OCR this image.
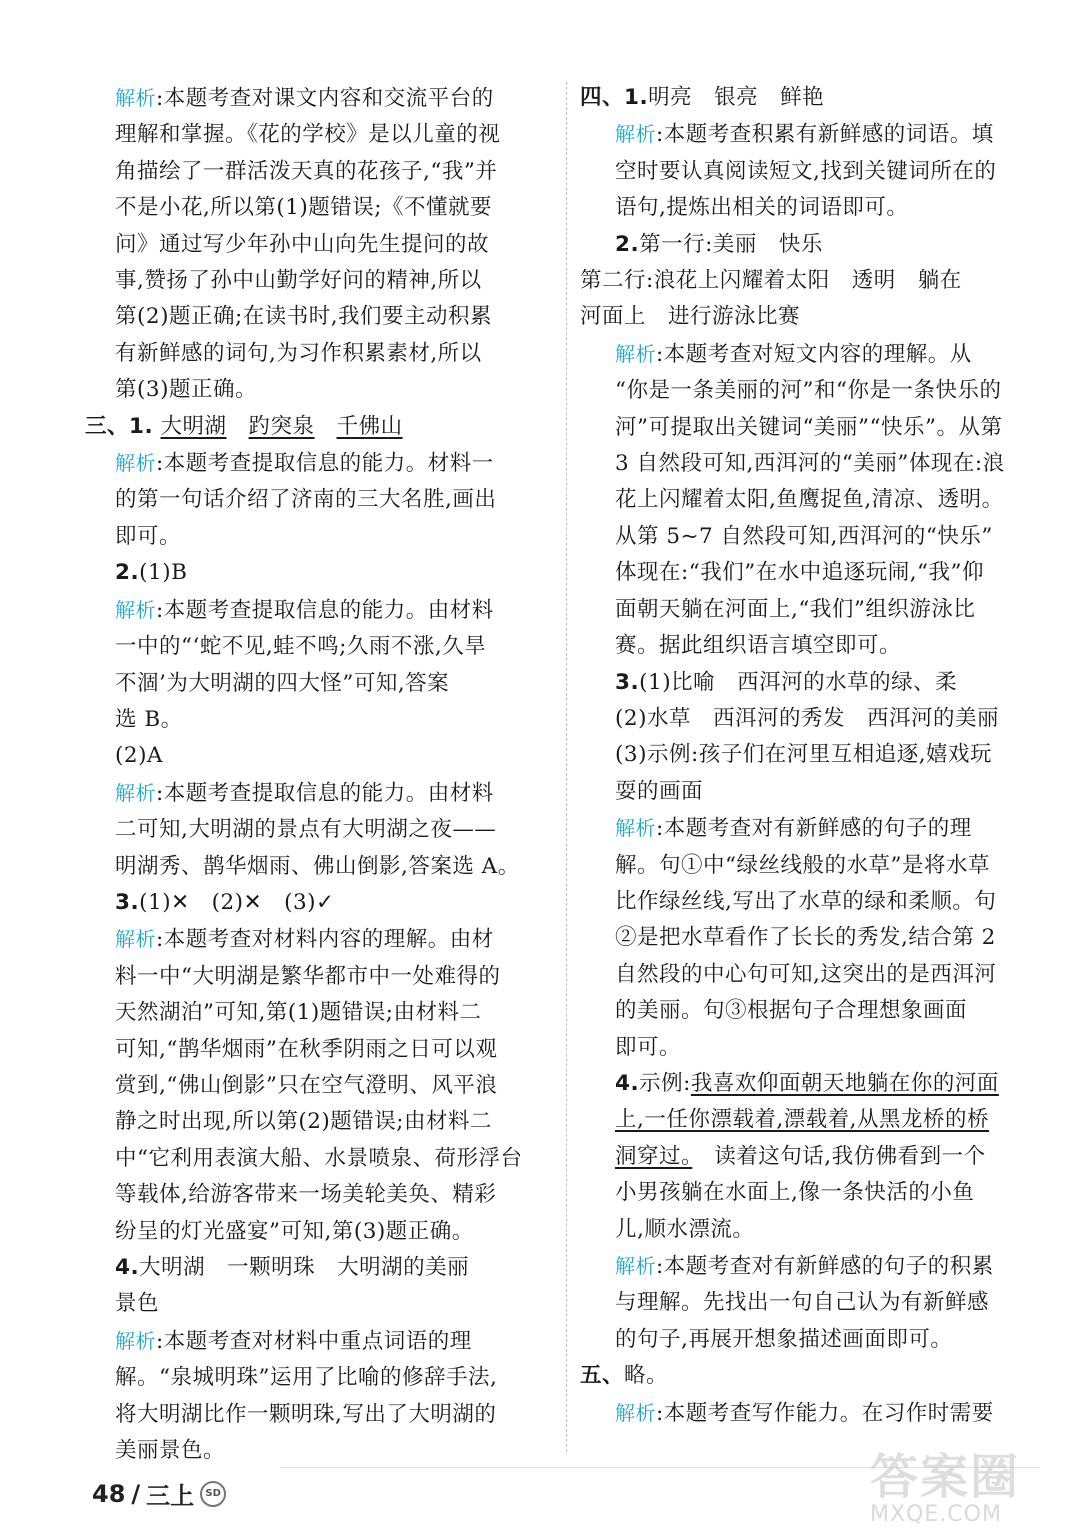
解析:本题考查对课文内容和交流平台的
理解和掌握。《花的学校》是以儿童的视
角描绘了一群活泼天真的花孩子,“我”并
不是小花,所以第(1)题错误;《不懂就要
问》通过写少年孙中山向先生提问的故
事,赞扬了孙中山勤学好问的精神,所以
第(2)题正确;在读书时,我们要主动积累
有新鲜感的词句,为习作积累素材,所以
第(3)题正确。
三、1. 大明湖　 趵突泉　 千佛山
解析:本题考查提取信息的能力。材料一
的第一句话介绍了济南的三大名胜,画出
即可。
2.(1)B
解析:本题考查提取信息的能力。由材料
一中的“‘蛇不见,蛙不鸣;久雨不涨,久旱
不涸’为大明湖的四大怪”可知,答案
选 B。
(2)A
解析:本题考查提取信息的能力。由材料
二可知,大明湖的景点有大明湖之夜——
明湖秀、鹊华烟雨、佛山倒影,答案选 A。
3.(1)✕　(2)✕　(3)✓
解析:本题考查对材料内容的理解。由材
料一中“大明湖是繁华都市中一处难得的
天然湖泊”可知,第(1)题错误;由材料二
可知,“鹊华烟雨”在秋季阴雨之日可以观
赏到,“佛山倒影”只在空气澄明、风平浪
静之时出现,所以第(2)题错误;由材料二
中“它利用表演大船、水景喷泉、荷形浮台
等载体,给游客带来一场美轮美奂、精彩
纷呈的灯光盛宴”可知,第(3)题正确。
4.大明湖　一颗明珠　大明湖的美丽
景色
解析:本题考查对材料中重点词语的理
解。“泉城明珠”运用了比喻的修辞手法,
将大明湖比作一颗明珠,写出了大明湖的
美丽景色。
四、1.明亮　银亮　鲜艳
解析:本题考查积累有新鲜感的词语。填
空时要认真阅读短文,找到关键词所在的
语句,提炼出相关的词语即可。
2.第一行:美丽　快乐
第二行:浪花上闪耀着太阳　透明　躺在
河面上　进行游泳比赛
解析:本题考查对短文内容的理解。从
“你是一条美丽的河”和“你是一条快乐的
河”可提取出关键词“美丽”“快乐”。从第
3 自然段可知,西洱河的“美丽”体现在:浪
花上闪耀着太阳,鱼鹰捉鱼,清凉、透明。
从第 5~7 自然段可知,西洱河的“快乐”
体现在:“我们”在水中追逐玩闹,“我”仰
面朝天躺在河面上,“我们”组织游泳比
赛。据此组织语言填空即可。
3.(1)比喻　西洱河的水草的绿、柔
(2)水草　西洱河的秀发　西洱河的美丽
(3)示例:孩子们在河里互相追逐,嬉戏玩
耍的画面
解析:本题考查对有新鲜感的句子的理
解。句①中“绿丝线般的水草”是将水草
比作绿丝线,写出了水草的绿和柔顺。句
②是把水草看作了长长的秀发,结合第 2
自然段的中心句可知,这突出的是西洱河
的美丽。句③根据句子合理想象画面
即可。
4.示例:我喜欢仰面朝天地躺在你的河面
上,一任你漂载着,漂载着,从黑龙桥的桥
洞穿过。　读着这句话,我仿佛看到一个
小男孩躺在水面上,像一条快活的小鱼
儿,顺水漂流。
解析:本题考查对有新鲜感的句子的积累
与理解。先找出一句自己认为有新鲜感
的句子,再展开想象描述画面即可。
五、略。
解析:本题考查写作能力。在习作时需要
48 / 三上	SD	答案圈
MXQE.COM
